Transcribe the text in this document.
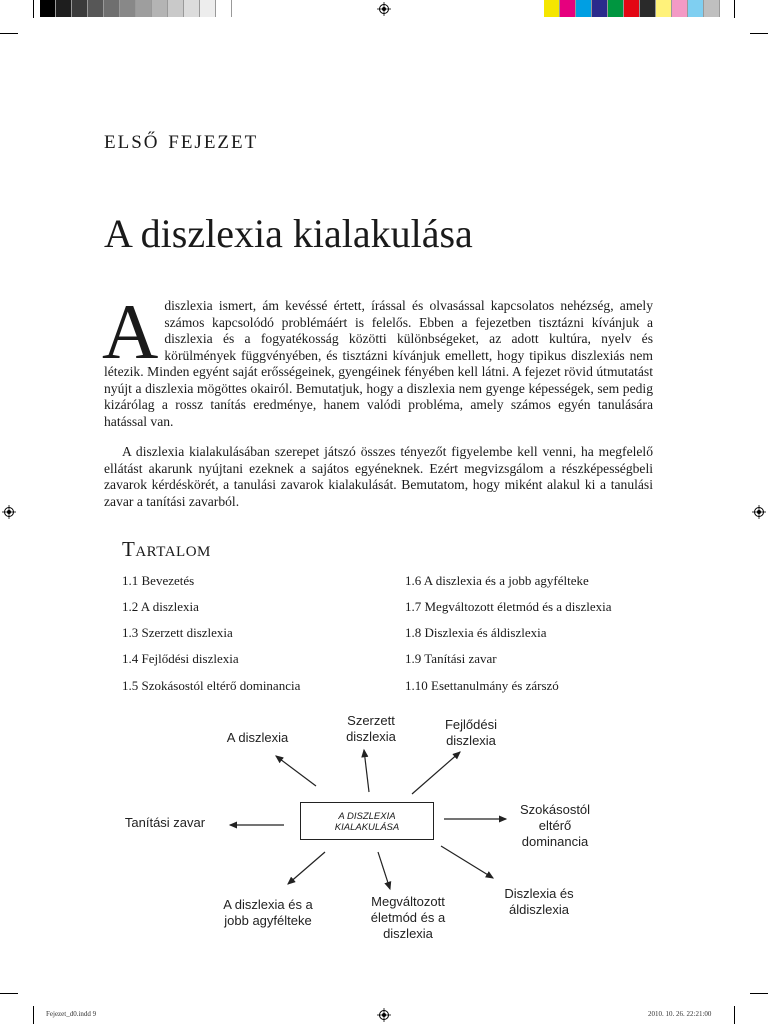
első fejezet
A diszlexia kialakulása
Adiszlexia ismert, ám kevéssé értett, írással és olvasással kapcsolatos nehézség, amely számos kapcsolódó problémáért is felelős. Ebben a fejezetben tisztázni kívánjuk a diszlexia és a fogyatékosság közötti különbségeket, az adott kultúra, nyelv és körülmények függvényében, és tisztázni kívánjuk emellett, hogy tipikus diszlexiás nem létezik. Minden egyént saját erősségeinek, gyengéinek fényében kell látni. A fejezet rövid útmutatást nyújt a diszlexia mögöttes okairól. Bemutatjuk, hogy a diszlexia nem gyenge képességek, sem pedig kizárólag a rossz tanítás eredménye, hanem valódi probléma, amely számos egyén tanulására hatással van.
A diszlexia kialakulásában szerepet játszó összes tényezőt figyelembe kell venni, ha megfelelő ellátást akarunk nyújtani ezeknek a sajátos egyéneknek. Ezért megvizsgálom a részképességbeli zavarok kérdéskörét, a tanulási zavarok kialakulását. Bemutatom, hogy miként alakul ki a tanulási zavar a tanítási zavarból.
Tartalom
1.1 Bevezetés
1.2 A diszlexia
1.3 Szerzett diszlexia
1.4 Fejlődési diszlexia
1.5 Szokásostól eltérő dominancia
1.6 A diszlexia és a jobb agyfélteke
1.7 Megváltozott életmód és a diszlexia
1.8 Diszlexia és áldiszlexia
1.9 Tanítási zavar
1.10 Esettanulmány és zárszó
A DISZLEXIA
KIALAKULÁSA
A diszlexia
Szerzett
diszlexia
Fejlődési
diszlexia
Tanítási zavar
Szokásostól
eltérő
dominancia
A diszlexia és a
jobb agyfélteke
Megváltozott
életmód és a
diszlexia
Diszlexia és
áldiszlexia
Fejezet_d0.indd 9	2010. 10. 26. 22:21:00
